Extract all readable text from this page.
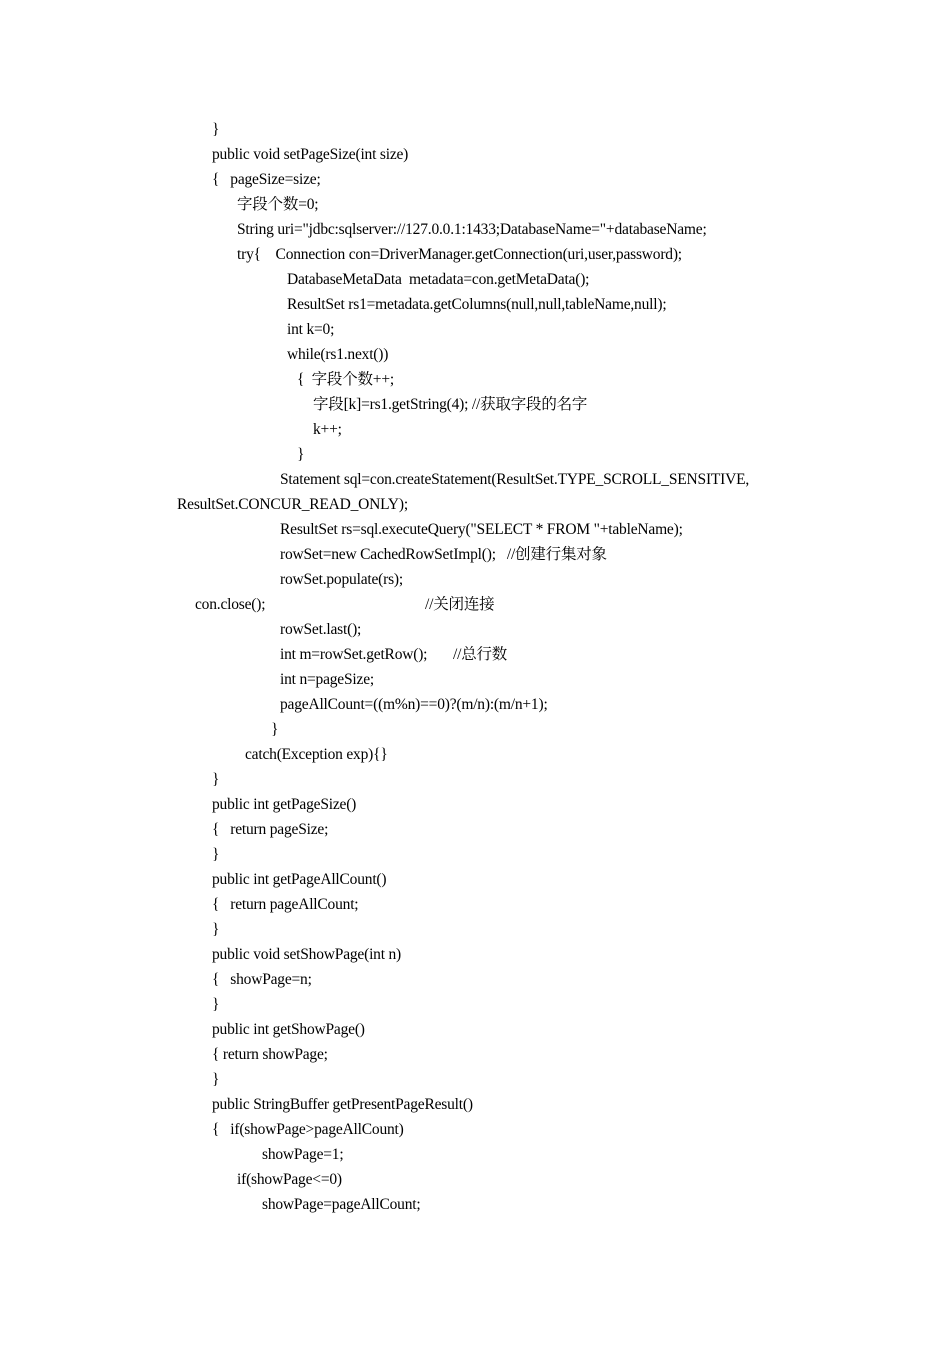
}
public void setPageSize(int size)
{   pageSize=size;
字段个数=0;
String uri="jdbc:sqlserver://127.0.0.1:1433;DatabaseName="+databaseName;
try{    Connection con=DriverManager.getConnection(uri,user,password);
DatabaseMetaData  metadata=con.getMetaData();
ResultSet rs1=metadata.getColumns(null,null,tableName,null);
int k=0;
while(rs1.next())
{  字段个数++;
字段[k]=rs1.getString(4); //获取字段的名字
k++;
}
Statement sql=con.createStatement(ResultSet.TYPE_SCROLL_SENSITIVE,
ResultSet.CONCUR_READ_ONLY);
ResultSet rs=sql.executeQuery("SELECT * FROM "+tableName);
rowSet=new CachedRowSetImpl();   //创建行集对象
rowSet.populate(rs);
con.close();	//关闭连接
rowSet.last();
int m=rowSet.getRow();       //总行数
int n=pageSize;
pageAllCount=((m%n)==0)?(m/n):(m/n+1);
}
catch(Exception exp){}
}
public int getPageSize()
{   return pageSize;
}
public int getPageAllCount()
{   return pageAllCount;
}
public void setShowPage(int n)
{   showPage=n;
}
public int getShowPage()
{ return showPage;
}
public StringBuffer getPresentPageResult()
{   if(showPage>pageAllCount)
showPage=1;
if(showPage<=0)
showPage=pageAllCount;
